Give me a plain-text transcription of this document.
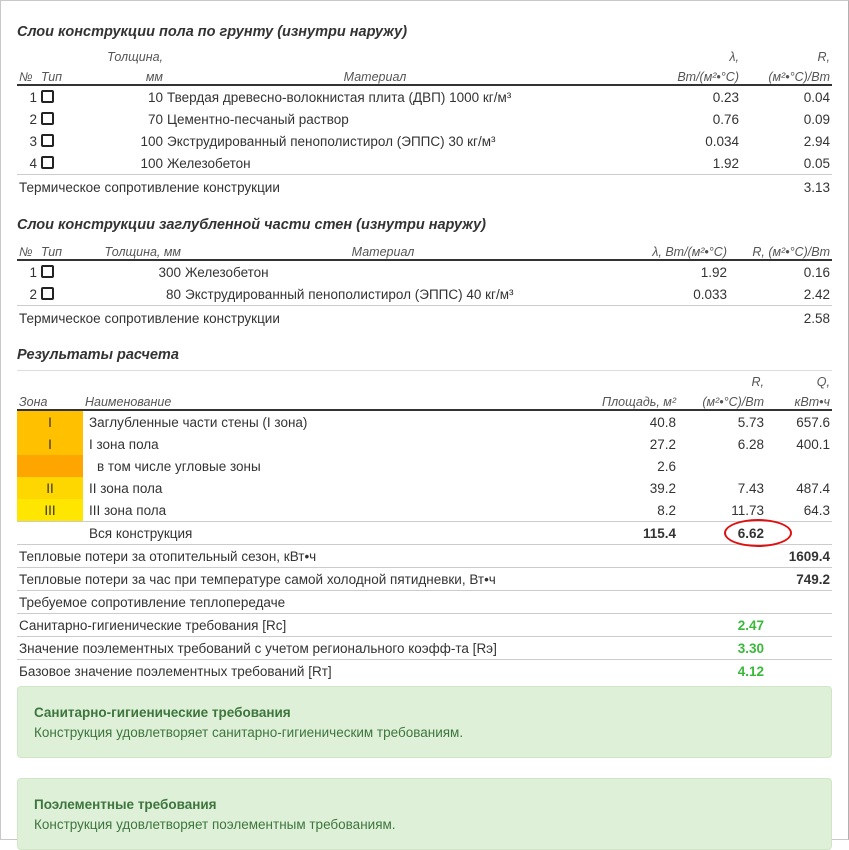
Слои конструкции пола по грунту (изнутри наружу)
		Толщина,		λ,	R,
№	Тип	мм	Материал	Вт/(м²•°С)	(м²•°С)/Вт
1		10	Твердая древесно-волокнистая плита (ДВП) 1000 кг/м³	0.23	0.04
2		70	Цементно-песчаный раствор	0.76	0.09
3		100	Экструдированный пенополистирол (ЭППС) 30 кг/м³	0.034	2.94
4		100	Железобетон	1.92	0.05
Термическое сопротивление конструкции					3.13
Слои конструкции заглубленной части стен (изнутри наружу)
№	Тип	Толщина, мм	Материал	λ, Вт/(м²•°С)	R, (м²•°С)/Вт
1		300	Железобетон	1.92	0.16
2		80	Экструдированный пенополистирол (ЭППС) 40 кг/м³	0.033	2.42
Термическое сопротивление конструкции					2.58
Результаты расчета
			R,	Q,
Зона	Наименование	Площадь, м²	(м²•°С)/Вт	кВт•ч
I	Заглубленные части стены (I зона)	40.8	5.73	657.6
I	I зона пола	27.2	6.28	400.1
	в том числе угловые зоны	2.6		
II	II зона пола	39.2	7.43	487.4
III	III зона пола	8.2	11.73	64.3
	Вся конструкция	115.4	6.62	
Тепловые потери за отопительный сезон, кВт•ч				1609.4
Тепловые потери за час при температуре самой холодной пятидневки, Вт•ч				749.2
Требуемое сопротивление теплопередаче				
Санитарно-гигиенические требования [Rc]			2.47	
Значение поэлементных требований с учетом регионального коэфф-та [Rэ]			3.30	
Базовое значение поэлементных требований [Rт]			4.12	
Санитарно-гигиенические требования
Конструкция удовлетворяет санитарно-гигиеническим требованиям.
Поэлементные требования
Конструкция удовлетворяет поэлементным требованиям.
